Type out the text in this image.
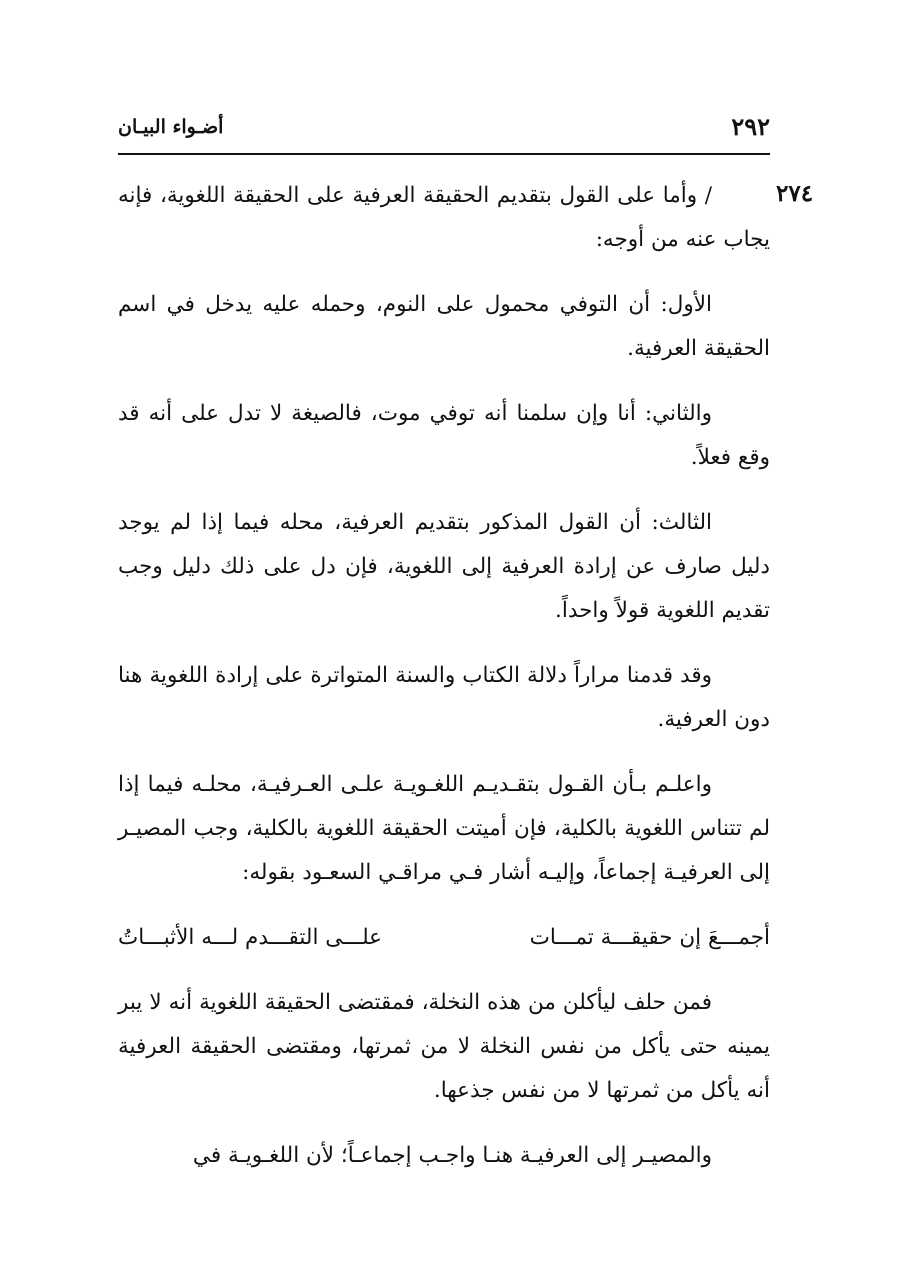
٢٩٢
أضـواء البيـان
٢٧٤

/ وأما على القول بتقديم الحقيقة العرفية على الحقيقة اللغوية، فإنه يجاب عنه من أوجه:

الأول: أن التوفي محمول على النوم، وحمله عليه يدخل في اسم الحقيقة العرفية.

والثاني: أنا وإن سلمنا أنه توفي موت، فالصيغة لا تدل على أنه قد وقع فعلاً.

الثالث: أن القول المذكور بتقديم العرفية، محله فيما إذا لم يوجد دليل صارف عن إرادة العرفية إلى اللغوية، فإن دل على ذلك دليل وجب تقديم اللغوية قولاً واحداً.

وقد قدمنا مراراً دلالة الكتاب والسنة المتواترة على إرادة اللغوية هنا دون العرفية.

واعلـم بـأن القـول بتقـديـم اللغـويـة علـى العـرفيـة، محلـه فيما إذا لم تتناس اللغوية بالكلية، فإن أميتت الحقيقة اللغوية بالكلية، وجب المصيـر إلى العرفيـة إجماعاً، وإليـه أشار فـي مراقـي السعـود بقوله:

أجمـــعَ إن حقيقـــة تمـــات
علـــى التقـــدم لـــه الأثبـــاتُ

فمن حلف ليأكلن من هذه النخلة، فمقتضى الحقيقة اللغوية أنه لا يبر يمينه حتى يأكل من نفس النخلة لا من ثمرتها، ومقتضى الحقيقة العرفية أنه يأكل من ثمرتها لا من نفس جذعها.

والمصيـر إلى العرفيـة هنـا واجـب إجماعـاً؛ لأن اللغـويـة في
